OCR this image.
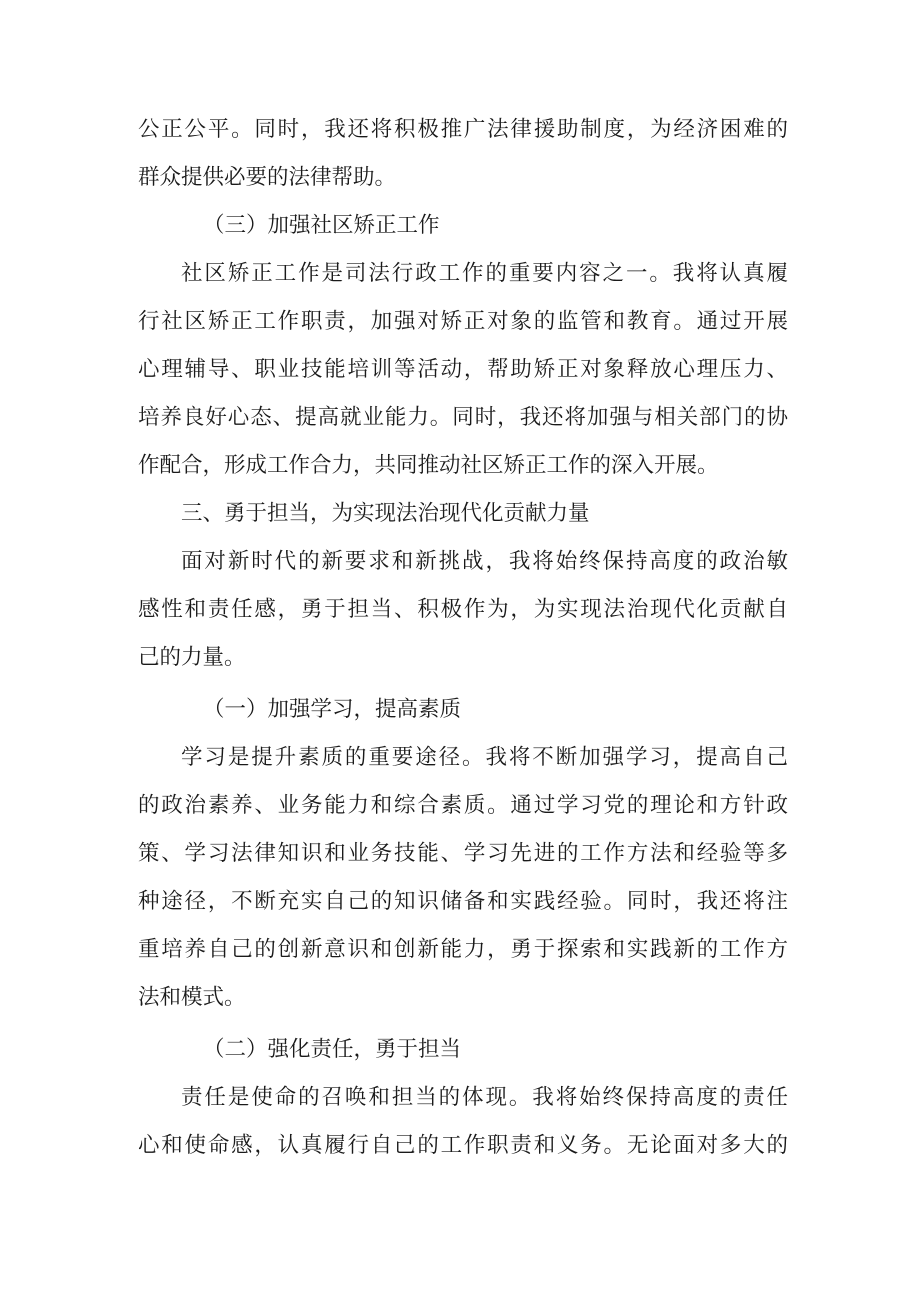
公正公平。同时，我还将积极推广法律援助制度，为经济困难的
群众提供必要的法律帮助。
（三）加强社区矫正工作
社区矫正工作是司法行政工作的重要内容之一。我将认真履
行社区矫正工作职责，加强对矫正对象的监管和教育。通过开展
心理辅导、职业技能培训等活动，帮助矫正对象释放心理压力、
培养良好心态、提高就业能力。同时，我还将加强与相关部门的协
作配合，形成工作合力，共同推动社区矫正工作的深入开展。
三、勇于担当，为实现法治现代化贡献力量
面对新时代的新要求和新挑战，我将始终保持高度的政治敏
感性和责任感，勇于担当、积极作为，为实现法治现代化贡献自
己的力量。
（一）加强学习，提高素质
学习是提升素质的重要途径。我将不断加强学习，提高自己
的政治素养、业务能力和综合素质。通过学习党的理论和方针政
策、学习法律知识和业务技能、学习先进的工作方法和经验等多
种途径，不断充实自己的知识储备和实践经验。同时，我还将注
重培养自己的创新意识和创新能力，勇于探索和实践新的工作方
法和模式。
（二）强化责任，勇于担当
责任是使命的召唤和担当的体现。我将始终保持高度的责任
心和使命感，认真履行自己的工作职责和义务。无论面对多大的
